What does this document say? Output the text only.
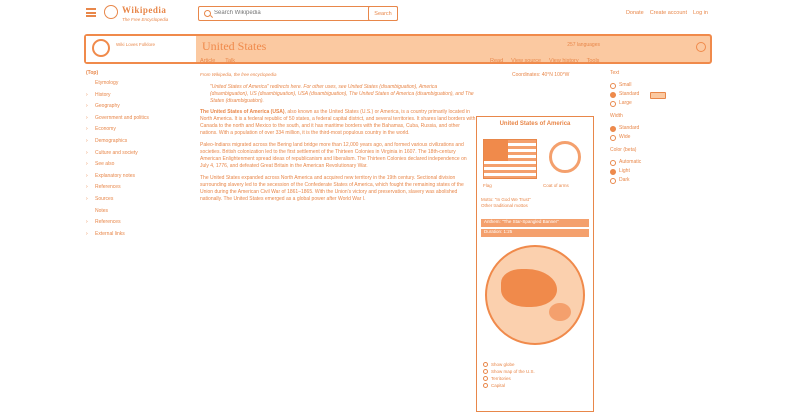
Wikipedia
The Free Encyclopedia
Search Wikipedia
Search	Donate Create account Log in
Wiki Loves Folklore	United States	257 languages
Article Talk	Read View source View history Tools
From Wikipedia, the free encyclopedia	Coordinates: 40°N 100°W
(Top)
Etymology
›	History
›	Geography
›	Government and politics
›	Economy
›	Demographics
›	Culture and society
›	See also
›	Explanatory notes
›	References
›	Sources
Notes
›	References
›	External links

"United States of America" redirects here. For other uses, see United States (disambiguation), America (disambiguation), US (disambiguation), USA (disambiguation), The United States of America (disambiguation), and The States (disambiguation).

The United States of America (USA), also known as the United States (U.S.) or America, is a country primarily located in North America. It is a federal republic of 50 states, a federal capital district, and several territories. It shares land borders with Canada to the north and Mexico to the south, and it has maritime borders with the Bahamas, Cuba, Russia, and other nations. With a population of over 334 million, it is the third-most populous country in the world.

Paleo-Indians migrated across the Bering land bridge more than 12,000 years ago, and formed various civilizations and societies. British colonization led to the first settlement of the Thirteen Colonies in Virginia in 1607. The 18th-century American Enlightenment spread ideas of republicanism and liberalism. The Thirteen Colonies declared independence on July 4, 1776, and defeated Great Britain in the American Revolutionary War.

The United States expanded across North America and acquired new territory in the 19th century. Sectional division surrounding slavery led to the secession of the Confederate States of America, which fought the remaining states of the Union during the American Civil War of 1861–1865. With the Union's victory and preservation, slavery was abolished nationally. The United States emerged as a global power after World War I.

United States of America
Flag	Coat of arms
Motto: "In God We Trust"
Other traditional mottos
Anthem: "The Star-Spangled Banner"
Duration: 1:25
Show globe
Show map of the U.S.
Territories
Capital
Text
Small
Standard
Large
Width
Standard
Wide
Color (beta)
Automatic
Light
Dark
